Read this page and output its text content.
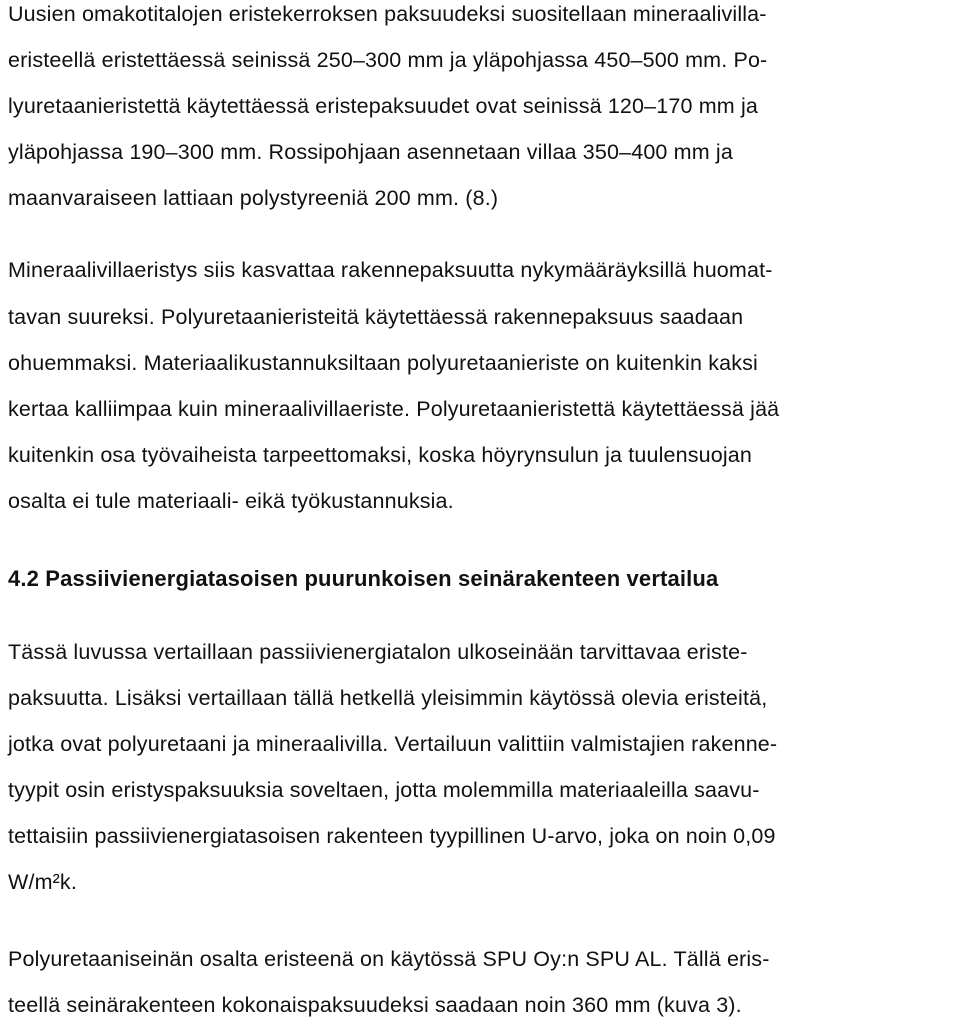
Uusien omakotitalojen eristekerroksen paksuudeksi suositellaan mineraalivilla-
eristeellä eristettäessä seinissä 250–300 mm ja yläpohjassa 450–500 mm. Po-
lyuretaanieristettä käytettäessä eristepaksuudet ovat seinissä 120–170 mm ja
yläpohjassa 190–300 mm. Rossipohjaan asennetaan villaa 350–400 mm ja
maanvaraiseen lattiaan polystyreeniä 200 mm. (8.)
Mineraalivillaeristys siis kasvattaa rakennepaksuutta nykymääräyksillä huomat-
tavan suureksi. Polyuretaanieristeitä käytettäessä rakennepaksuus saadaan
ohuemmaksi. Materiaalikustannuksiltaan polyuretaanieriste on kuitenkin kaksi
kertaa kalliimpaa kuin mineraalivillaeriste. Polyuretaanieristettä käytettäessä jää
kuitenkin osa työvaiheista tarpeettomaksi, koska höyrynsulun ja tuulensuojan
osalta ei tule materiaali- eikä työkustannuksia.
4.2 Passiivienergiatasoisen puurunkoisen seinärakenteen vertailua
Tässä luvussa vertaillaan passiivienergiatalon ulkoseinään tarvittavaa eriste-
paksuutta. Lisäksi vertaillaan tällä hetkellä yleisimmin käytössä olevia eristeitä,
jotka ovat polyuretaani ja mineraalivilla. Vertailuun valittiin valmistajien rakenne-
tyypit osin eristyspaksuuksia soveltaen, jotta molemmilla materiaaleilla saavu-
tettaisiin passiivienergiatasoisen rakenteen tyypillinen U-arvo, joka on noin 0,09
W/m²k.
Polyuretaaniseinän osalta eristeenä on käytössä SPU Oy:n SPU AL. Tällä eris-
teellä seinärakenteen kokonaispaksuudeksi saadaan noin 360 mm (kuva 3).
